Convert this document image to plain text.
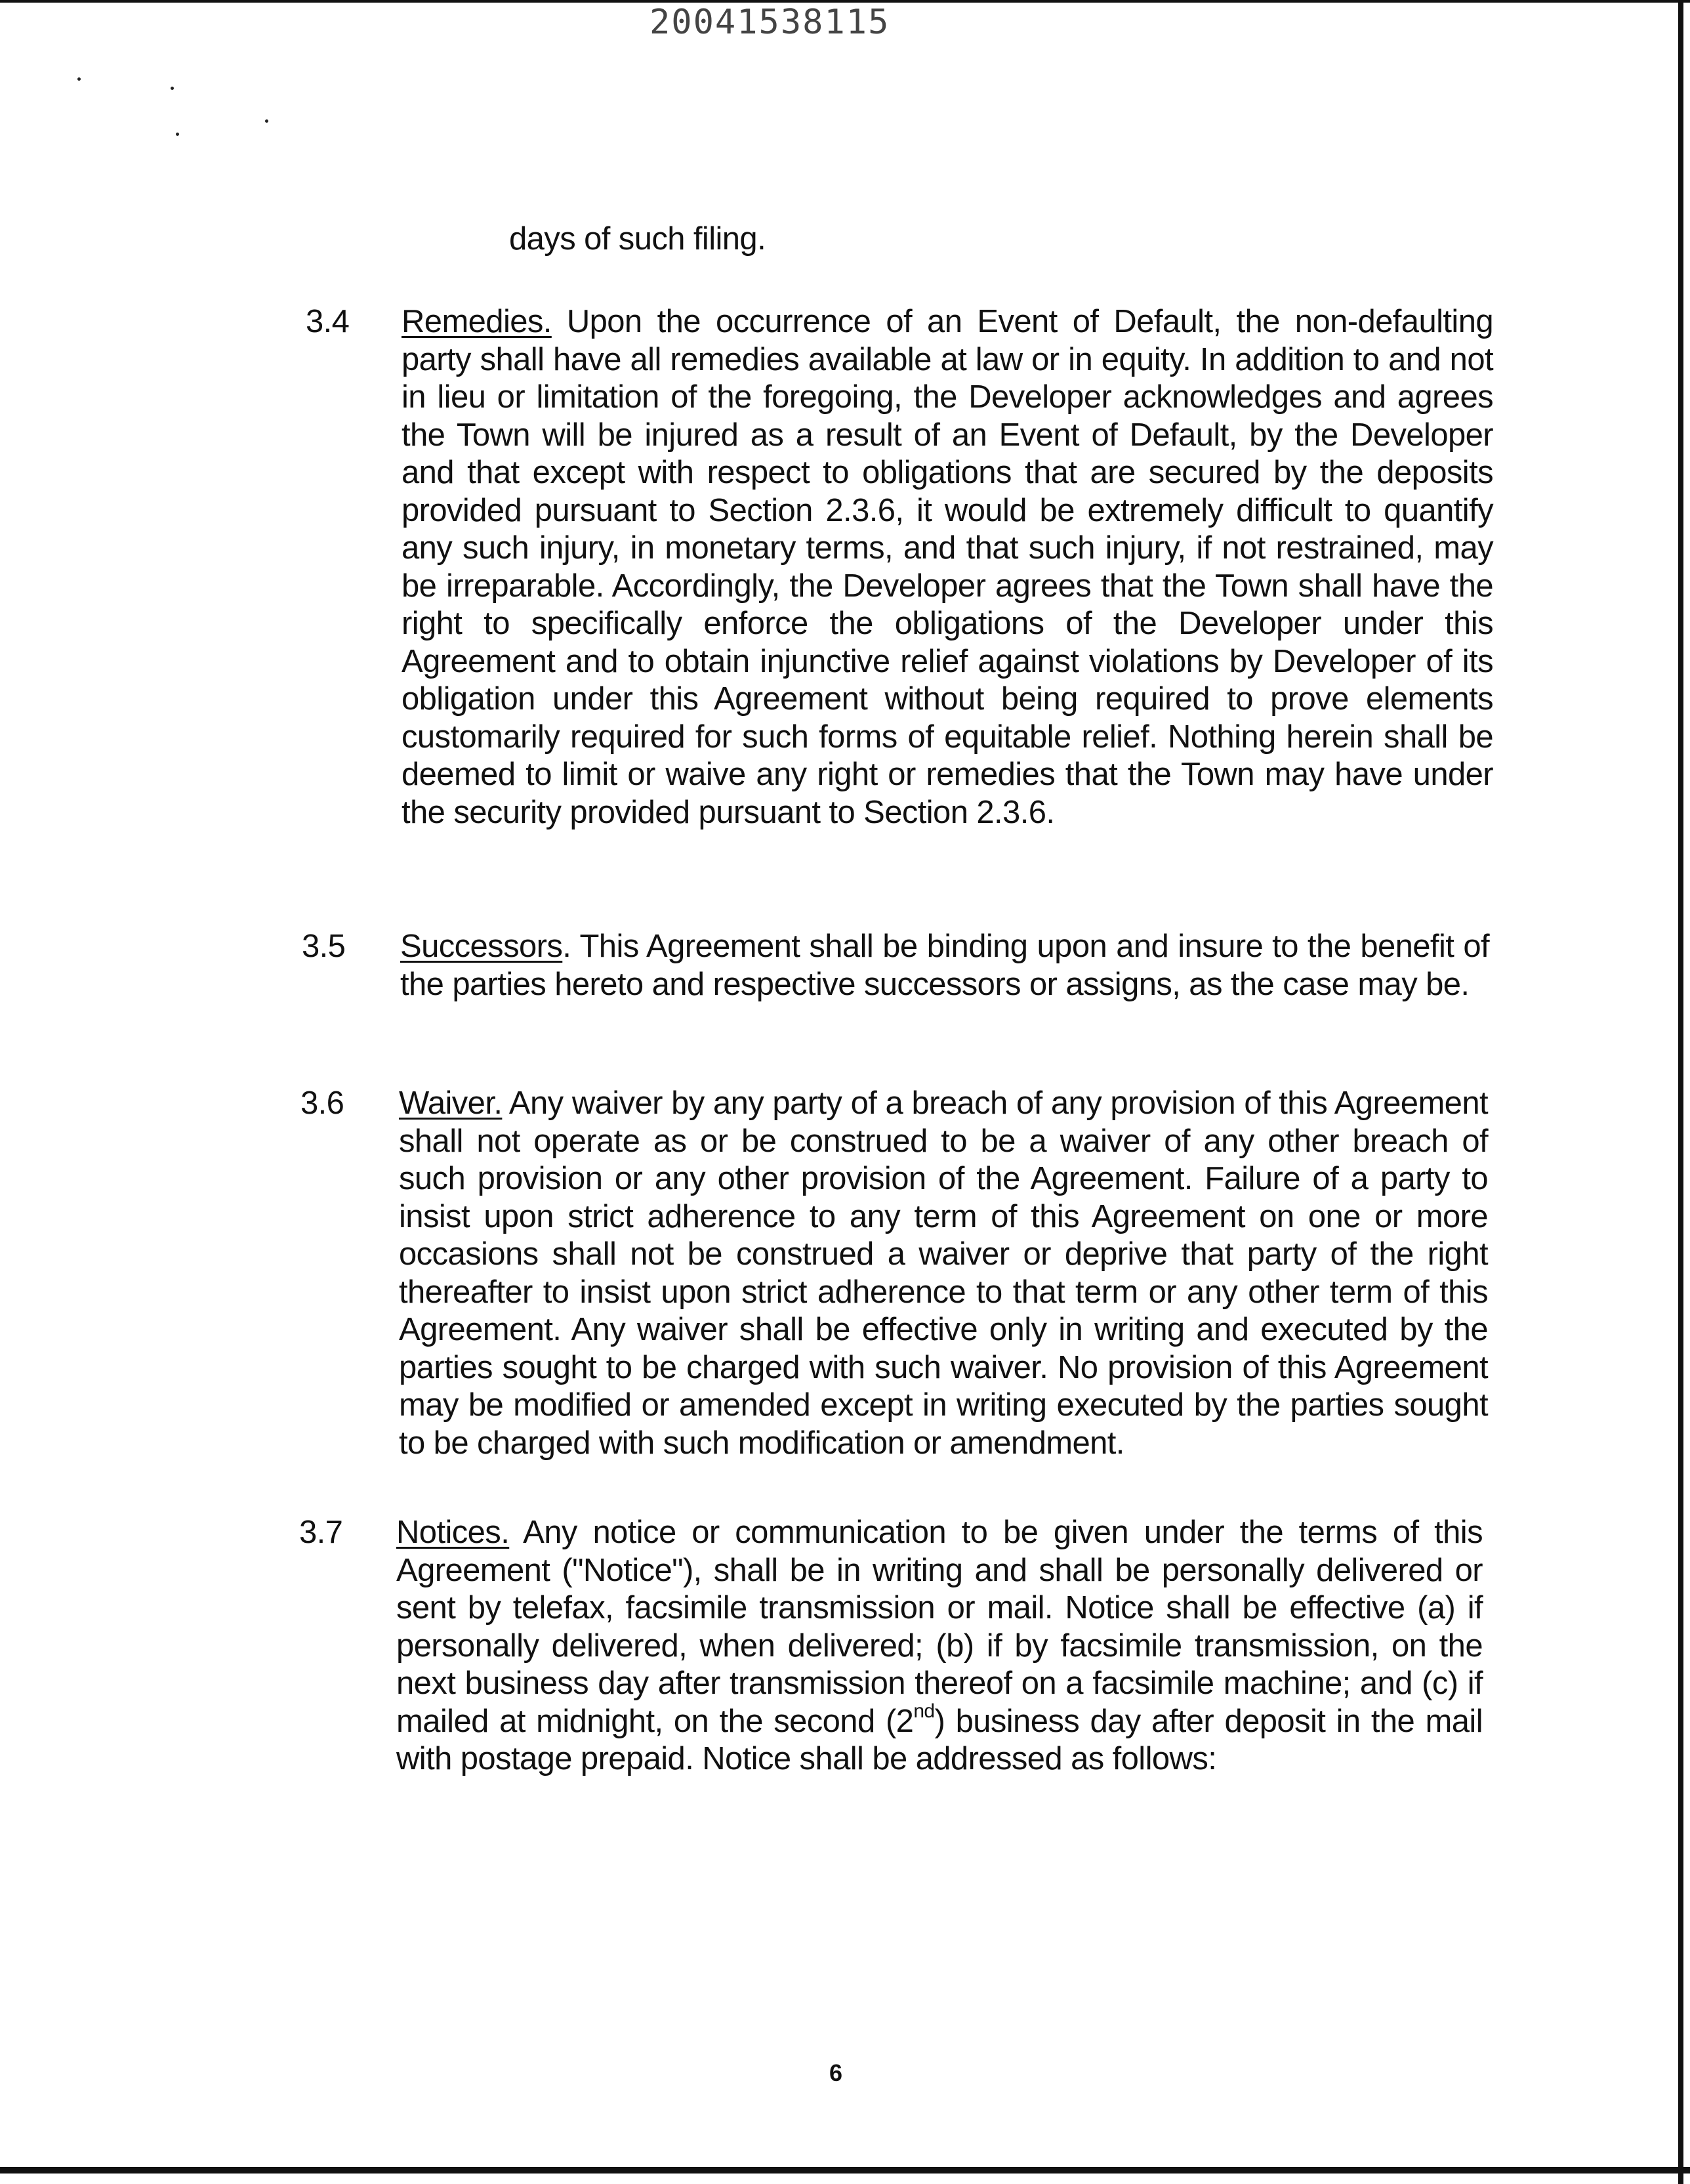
20041538115
days of such filing.
3.4 Remedies. Upon the occurrence of an Event of Default, the non-defaulting party shall have all remedies available at law or in equity. In addition to and not in lieu or limitation of the foregoing, the Developer acknowledges and agrees the Town will be injured as a result of an Event of Default, by the Developer and that except with respect to obligations that are secured by the deposits provided pursuant to Section 2.3.6, it would be extremely difficult to quantify any such injury, in monetary terms, and that such injury, if not restrained, may be irreparable. Accordingly, the Developer agrees that the Town shall have the right to specifically enforce the obligations of the Developer under this Agreement and to obtain injunctive relief against violations by Developer of its obligation under this Agreement without being required to prove elements customarily required for such forms of equitable relief. Nothing herein shall be deemed to limit or waive any right or remedies that the Town may have under the security provided pursuant to Section 2.3.6.
3.5 Successors. This Agreement shall be binding upon and insure to the benefit of the parties hereto and respective successors or assigns, as the case may be.
3.6 Waiver. Any waiver by any party of a breach of any provision of this Agreement shall not operate as or be construed to be a waiver of any other breach of such provision or any other provision of the Agreement. Failure of a party to insist upon strict adherence to any term of this Agreement on one or more occasions shall not be construed a waiver or deprive that party of the right thereafter to insist upon strict adherence to that term or any other term of this Agreement. Any waiver shall be effective only in writing and executed by the parties sought to be charged with such waiver. No provision of this Agreement may be modified or amended except in writing executed by the parties sought to be charged with such modification or amendment.
3.7 Notices. Any notice or communication to be given under the terms of this Agreement ("Notice"), shall be in writing and shall be personally delivered or sent by telefax, facsimile transmission or mail. Notice shall be effective (a) if personally delivered, when delivered; (b) if by facsimile transmission, on the next business day after transmission thereof on a facsimile machine; and (c) if mailed at midnight, on the second (2nd) business day after deposit in the mail with postage prepaid. Notice shall be addressed as follows:
6
